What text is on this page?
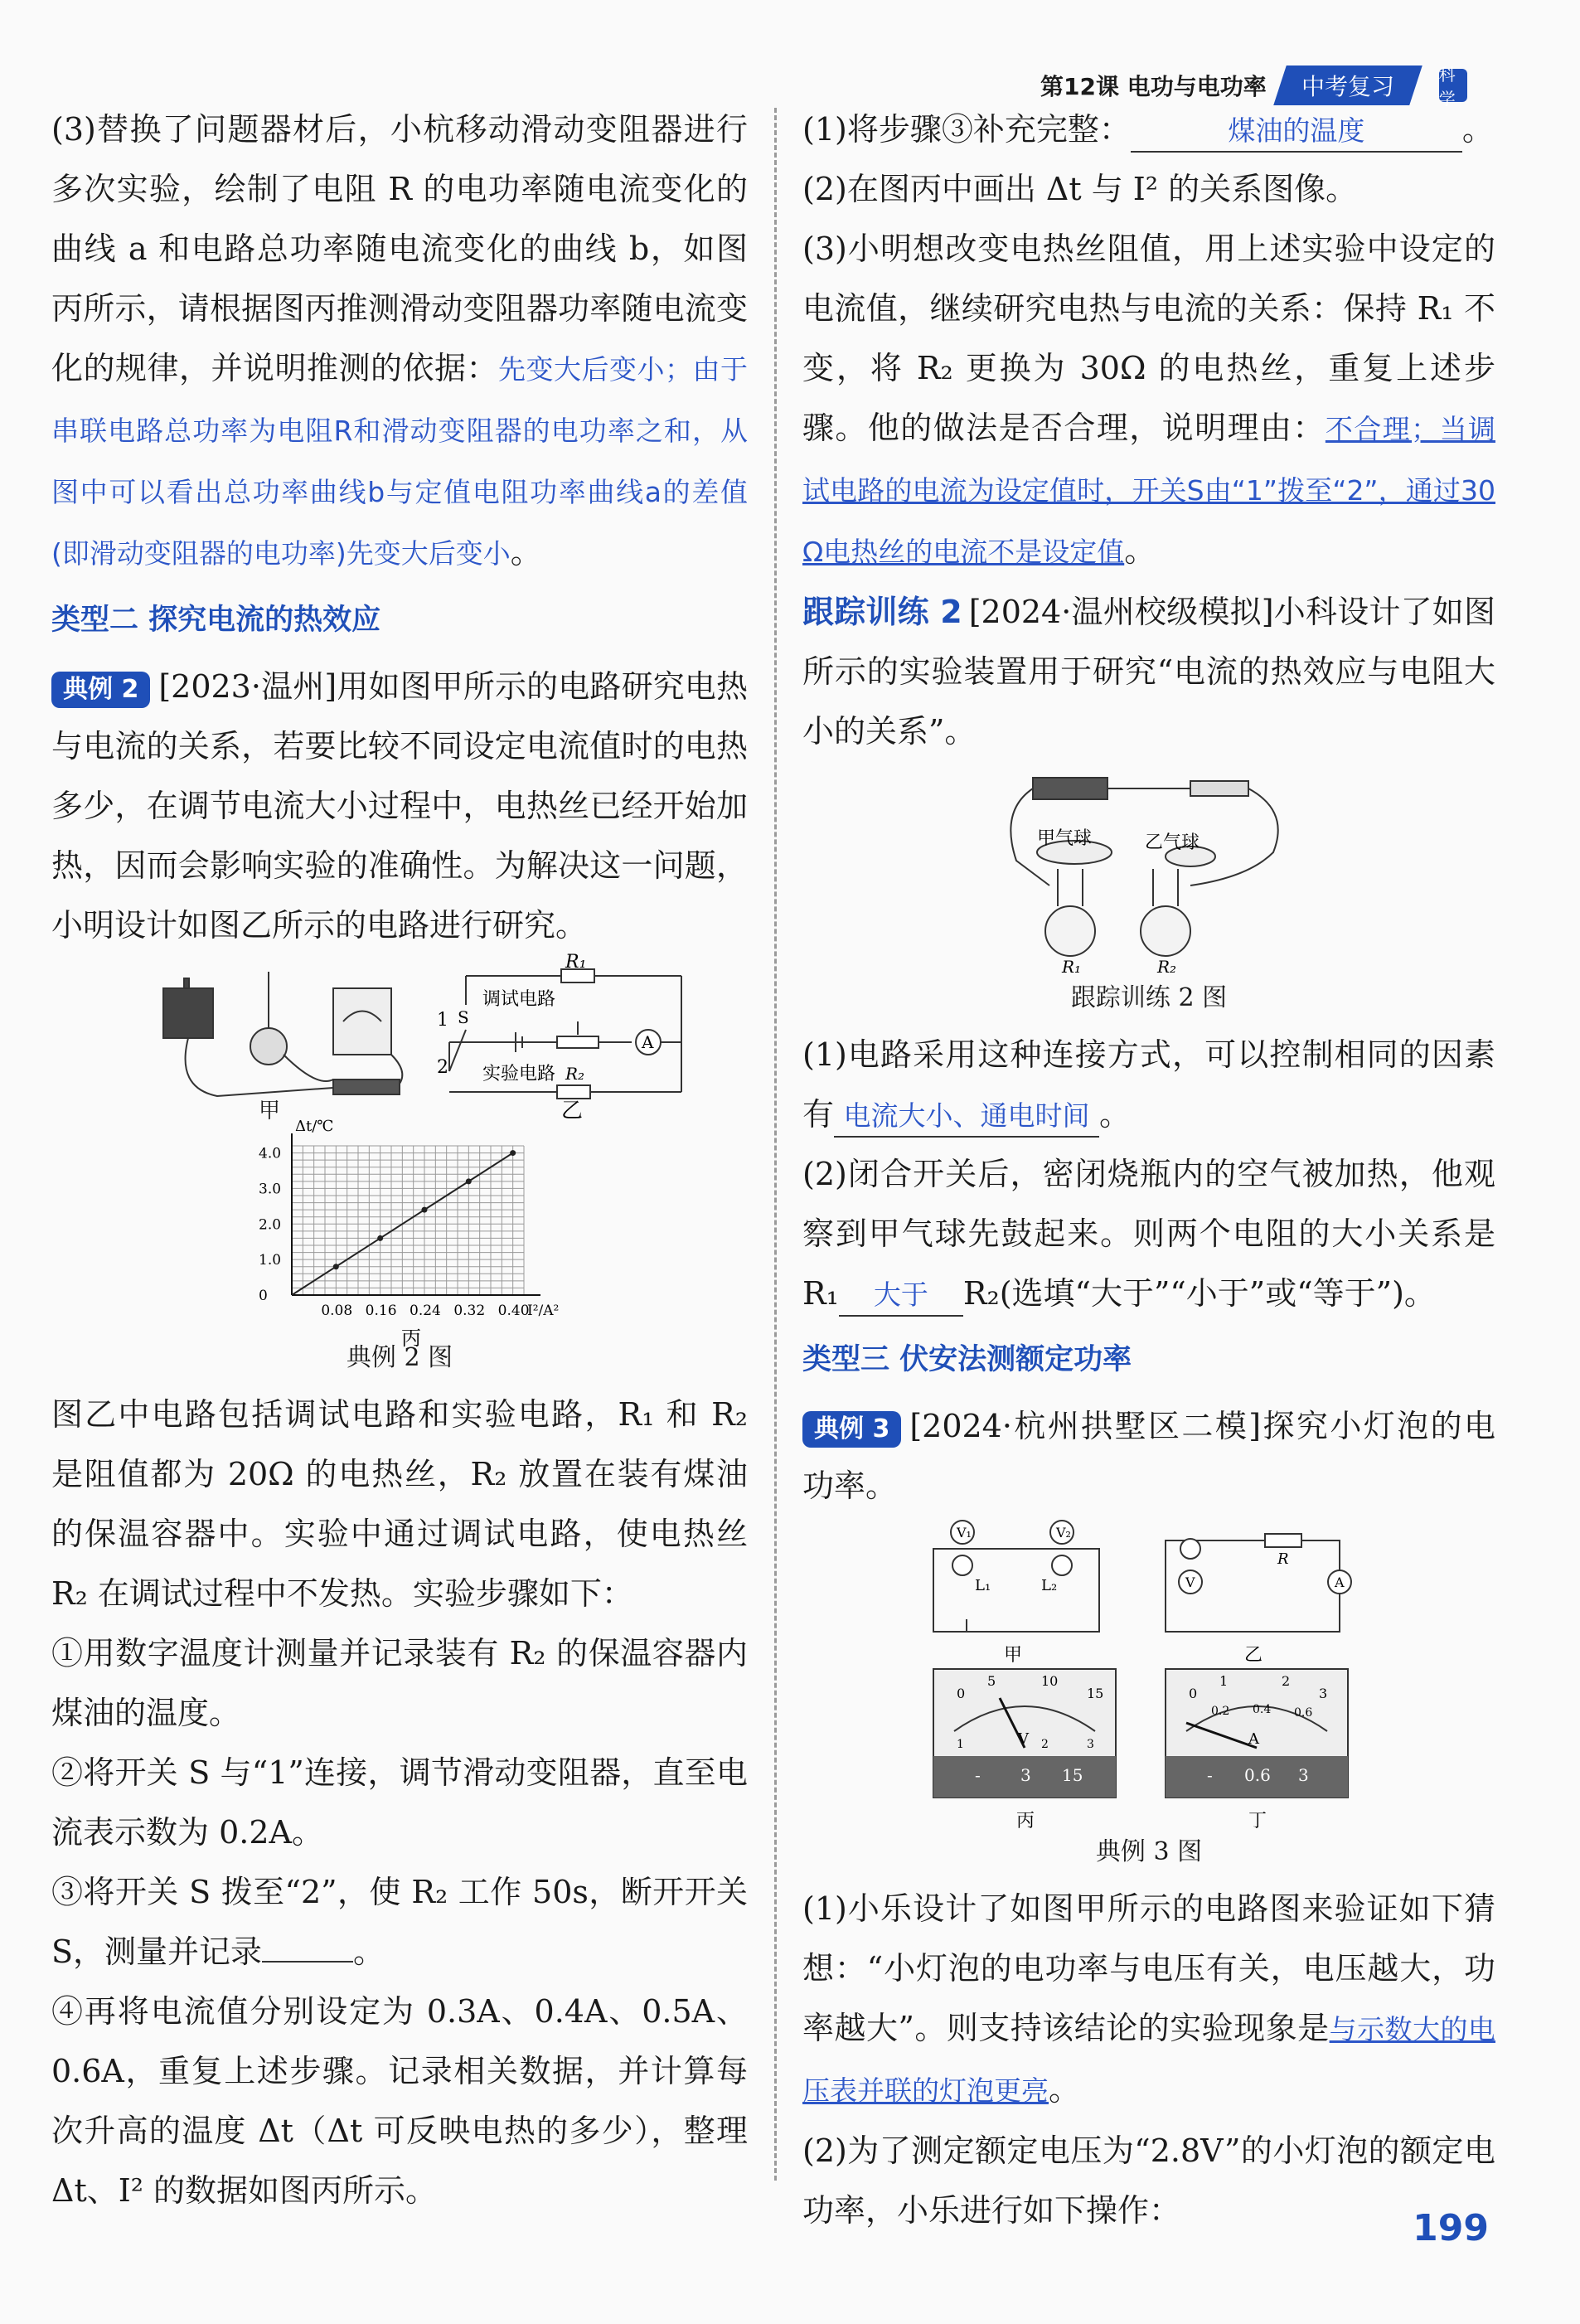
第12课 电功与电功率	中考复习	科学

(3)替换了问题器材后，小杭移动滑动变阻器进行多次实验，绘制了电阻 R 的电功率随电流变化的曲线 a 和电路总功率随电流变化的曲线 b，如图丙所示，请根据图丙推测滑动变阻器功率随电流变化的规律，并说明推测的依据：先变大后变小；由于串联电路总功率为电阻R和滑动变阻器的电功率之和，从图中可以看出总功率曲线b与定值电阻功率曲线a的差值(即滑动变阻器的电功率)先变大后变小。

类型二 探究电流的热效应

典例 2 [2023·温州]用如图甲所示的电路研究电热与电流的关系，若要比较不同设定电流值时的电热多少，在调节电流大小过程中，电热丝已经开始加热，因而会影响实验的准确性。为解决这一问题，小明设计如图乙所示的电路进行研究。

甲
R₁
调试电路
1 S
A
2 实验电路 R₂
乙
0.08 0.16 0.24 0.32 0.40
0
1.0
2.0
3.0
4.0
Δt/℃
I²/A²
丙
典例 2 图

图乙中电路包括调试电路和实验电路，R₁ 和 R₂ 是阻值都为 20Ω 的电热丝，R₂ 放置在装有煤油的保温容器中。实验中通过调试电路，使电热丝 R₂ 在调试过程中不发热。实验步骤如下：

①用数字温度计测量并记录装有 R₂ 的保温容器内煤油的温度。

②将开关 S 与“1”连接，调节滑动变阻器，直至电流表示数为 0.2A。

③将开关 S 拨至“2”，使 R₂ 工作 50s，断开开关 S，测量并记录	。

④再将电流值分别设定为 0.3A、0.4A、0.5A、0.6A，重复上述步骤。记录相关数据，并计算每次升高的温度 Δt（Δt 可反映电热的多少），整理 Δt、I² 的数据如图丙所示。

(1)将步骤③补充完整：	煤油的温度	。

(2)在图丙中画出 Δt 与 I² 的关系图像。

(3)小明想改变电热丝阻值，用上述实验中设定的电流值，继续研究电热与电流的关系：保持 R₁ 不变，将 R₂ 更换为 30Ω 的电热丝，重复上述步骤。他的做法是否合理，说明理由：不合理；当调试电路的电流为设定值时，开关S由“1”拨至“2”，通过30 Ω电热丝的电流不是设定值。

跟踪训练 2 [2024·温州校级模拟]小科设计了如图所示的实验装置用于研究“电流的热效应与电阻大小的关系”。

甲气球	乙气球
R₁	R₂
跟踪训练 2 图

(1)电路采用这种连接方式，可以控制相同的因素有 电流大小、通电时间 。

(2)闭合开关后，密闭烧瓶内的空气被加热，他观察到甲气球先鼓起来。则两个电阻的大小关系是 R₁ 大于 R₂(选填“大于”“小于”或“等于”)。

类型三 伏安法测额定功率

典例 3 [2024·杭州拱墅区二模]探究小灯泡的电功率。

V₁	V₂
L₁	L₂	V
R
A
甲	乙
0
5	10
15
1	2	3
V
- 3 15
0
1	2
3
0.2 0.4 0.6
A
- 0.6 3
丙	丁
典例 3 图

(1)小乐设计了如图甲所示的电路图来验证如下猜想：“小灯泡的电功率与电压有关，电压越大，功率越大”。则支持该结论的实验现象是与示数大的电压表并联的灯泡更亮。

(2)为了测定额定电压为“2.8V”的小灯泡的额定电功率，小乐进行如下操作：	199
